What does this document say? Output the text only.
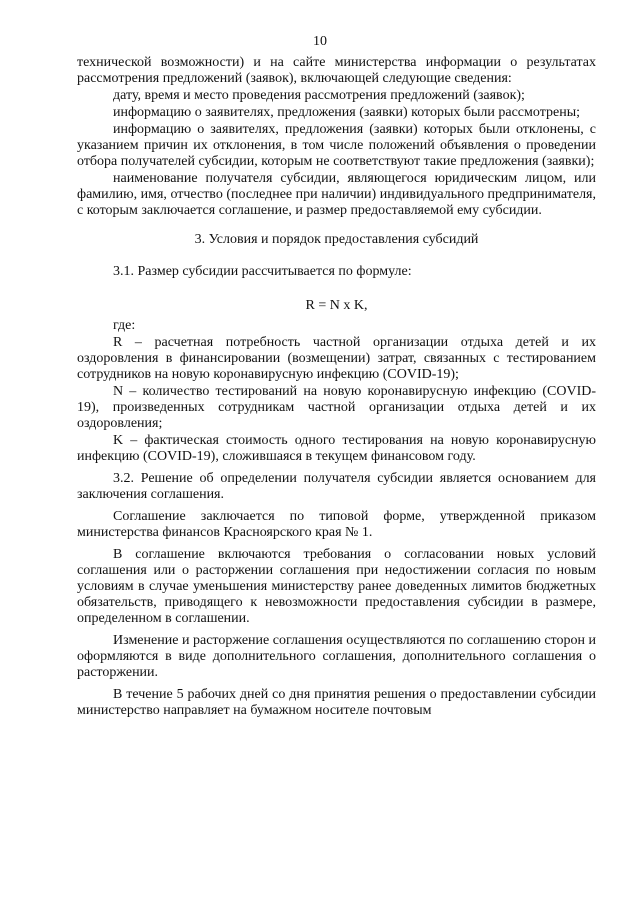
10

технической возможности) и на сайте министерства информации о результатах рассмотрения предложений (заявок), включающей следующие сведения:

дату, время и место проведения рассмотрения предложений (заявок);

информацию о заявителях, предложения (заявки) которых были рассмотрены;

информацию о заявителях, предложения (заявки) которых были отклонены, с указанием причин их отклонения, в том числе положений объявления о проведении отбора получателей субсидии, которым не соответствуют такие предложения (заявки);

наименование получателя субсидии, являющегося юридическим лицом, или фамилию, имя, отчество (последнее при наличии) индивидуального предпринимателя, с которым заключается соглашение, и размер предоставляемой ему субсидии.

3. Условия и порядок предоставления субсидий

3.1. Размер субсидии рассчитывается по формуле:

R = N x K,

где:

R – расчетная потребность частной организации отдыха детей и их оздоровления в финансировании (возмещении) затрат, связанных с тестированием сотрудников на новую коронавирусную инфекцию (COVID-19);

N – количество тестирований на новую коронавирусную инфекцию (COVID-19), произведенных сотрудникам частной организации отдыха детей и их оздоровления;

K – фактическая стоимость одного тестирования на новую коронавирусную инфекцию (COVID-19), сложившаяся в текущем финансовом году.

3.2. Решение об определении получателя субсидии является основанием для заключения соглашения.

Соглашение заключается по типовой форме, утвержденной приказом министерства финансов Красноярского края № 1.

В соглашение включаются требования о согласовании новых условий соглашения или о расторжении соглашения при недостижении согласия по новым условиям в случае уменьшения министерству ранее доведенных лимитов бюджетных обязательств, приводящего к невозможности предоставления субсидии в размере, определенном в соглашении.

Изменение и расторжение соглашения осуществляются по соглашению сторон и оформляются в виде дополнительного соглашения, дополнительного соглашения о расторжении.

В течение 5 рабочих дней со дня принятия решения о предоставлении субсидии министерство направляет на бумажном носителе почтовым
